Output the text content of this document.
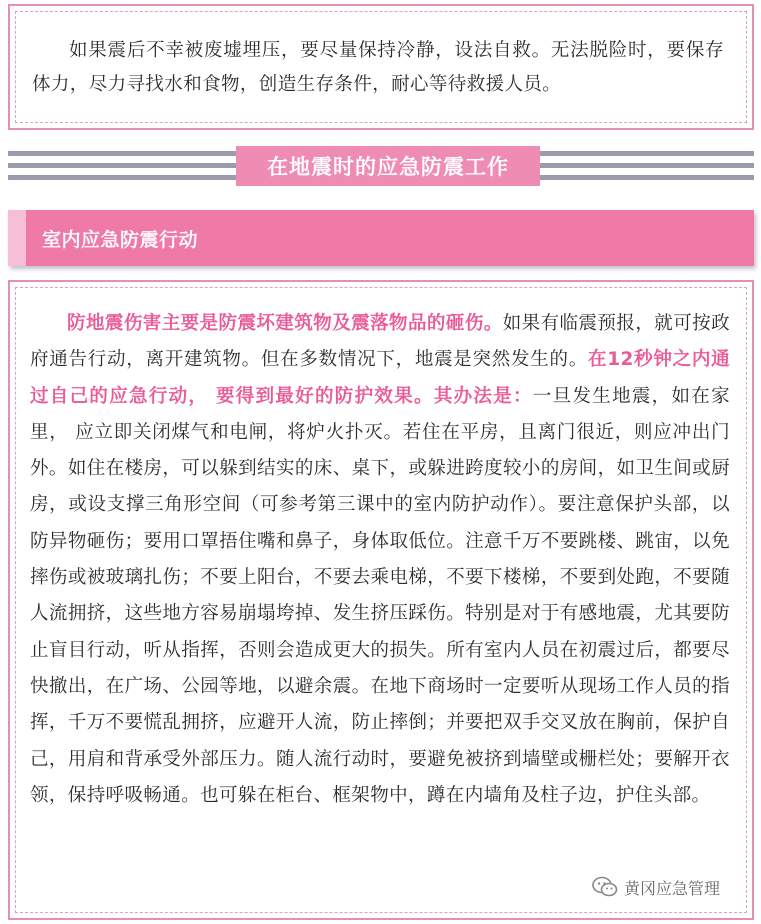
如果震后不幸被废墟埋压，要尽量保持冷静，设法自救。无法脱险时，要保存体力，尽力寻找水和食物，创造生存条件，耐心等待救援人员。

在地震时的应急防震工作
室内应急防震行动

防地震伤害主要是防震坏建筑物及震落物品的砸伤。如果有临震预报，就可按政府通告行动，离开建筑物。但在多数情况下，地震是突然发生的。在12秒钟之内通过自己的应急行动， 要得到最好的防护效果。其办法是：一旦发生地震，如在家里， 应立即关闭煤气和电闸，将炉火扑灭。若住在平房，且离门很近，则应冲出门外。如住在楼房，可以躲到结实的床、桌下，或躲进跨度较小的房间，如卫生间或厨房，或设支撑三角形空间（可参考第三课中的室内防护动作）。要注意保护头部，以防异物砸伤；要用口罩捂住嘴和鼻子，身体取低位。注意千万不要跳楼、跳宙，以免摔伤或被玻璃扎伤；不要上阳台，不要去乘电梯，不要下楼梯，不要到处跑，不要随人流拥挤，这些地方容易崩塌垮掉、发生挤压踩伤。特别是对于有感地震，尤其要防止盲目行动，听从指挥，否则会造成更大的损失。所有室内人员在初震过后，都要尽快撤出，在广场、公园等地，以避余震。在地下商场时一定要听从现场工作人员的指挥，千万不要慌乱拥挤，应避开人流，防止摔倒；并要把双手交叉放在胸前，保护自己，用肩和背承受外部压力。随人流行动时，要避免被挤到墙壁或栅栏处；要解开衣领，保持呼吸畅通。也可躲在柜台、框架物中，蹲在内墙角及柱子边，护住头部。

黄冈应急管理
